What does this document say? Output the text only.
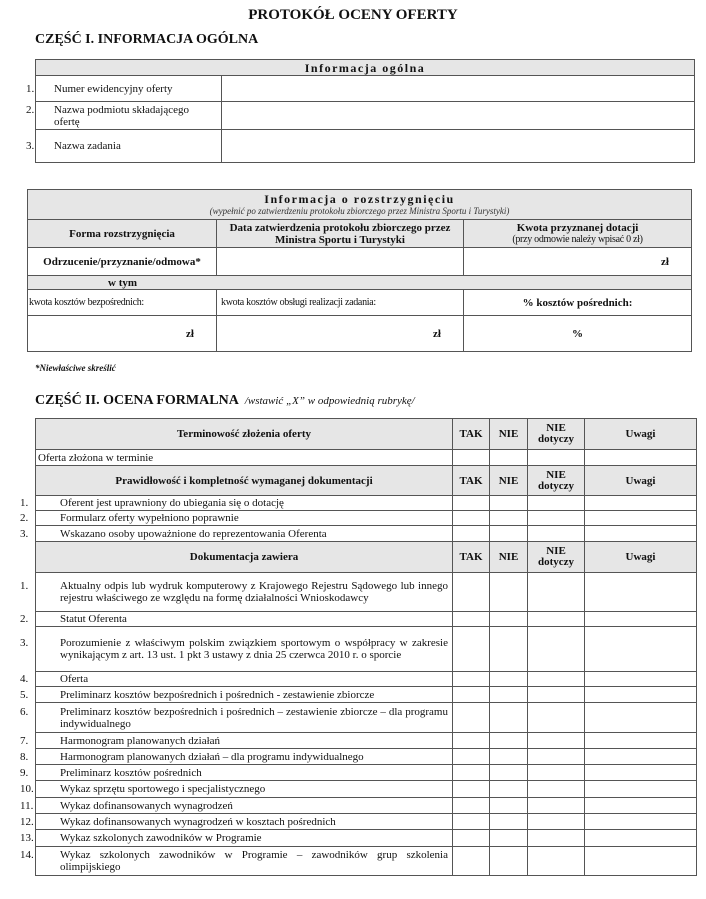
PROTOKÓŁ OCENY OFERTY
CZĘŚĆ I. INFORMACJA OGÓLNA
Informacja ogólna	
1. Numer ewidencyjny oferty	
2. Nazwa podmiotu składającego ofertę	
3. Nazwa zadania	
Informacja o rozstrzygnięciu
(wypełnić po zatwierdzeniu protokołu zbiorczego przez Ministra Sportu i Turystyki)		

Forma rozstrzygnięcia	Data zatwierdzenia protokołu zbiorczego przez Ministra Sportu i Turystyki	Kwota przyznanej dotacji
(przy odmowie należy wpisać 0 zł)

Odrzucenie/przyznanie/odmowa*		zł
w tym		
kwota kosztów bezpośrednich:	kwota kosztów obsługi realizacji zadania:	% kosztów pośrednich:
zł	zł	%
*Niewłaściwe skreślić
CZĘŚĆ II. OCENA FORMALNA /wstawić „X” w odpowiednią rubrykę/
Terminowość złożenia oferty	TAK	NIE	NIE dotyczy	Uwagi
Oferta złożona w terminie				
Prawidłowość i kompletność wymaganej dokumentacji	TAK	NIE	NIE dotyczy	Uwagi
1. Oferent jest uprawniony do ubiegania się o dotację				
2. Formularz oferty wypełniono poprawnie				
3. Wskazano osoby upoważnione do reprezentowania Oferenta				
Dokumentacja zawiera	TAK	NIE	NIE dotyczy	Uwagi
1. Aktualny odpis lub wydruk komputerowy z Krajowego Rejestru Sądowego lub innego rejestru właściwego ze względu na formę działalności Wnioskodawcy				
2. Statut Oferenta				
3. Porozumienie z właściwym polskim związkiem sportowym o współpracy w zakresie wynikającym z art. 13 ust. 1 pkt 3 ustawy z dnia 25 czerwca 2010 r. o sporcie				
4. Oferta				
5. Preliminarz kosztów bezpośrednich i pośrednich - zestawienie zbiorcze				
6. Preliminarz kosztów bezpośrednich i pośrednich – zestawienie zbiorcze – dla programu indywidualnego				
7. Harmonogram planowanych działań				
8. Harmonogram planowanych działań – dla programu indywidualnego				
9. Preliminarz kosztów pośrednich				
10. Wykaz sprzętu sportowego i specjalistycznego				
11. Wykaz dofinansowanych wynagrodzeń				
12. Wykaz dofinansowanych wynagrodzeń w kosztach pośrednich				
13. Wykaz szkolonych zawodników w Programie				
14. Wykaz szkolonych zawodników w Programie – zawodników grup szkolenia olimpijskiego				
